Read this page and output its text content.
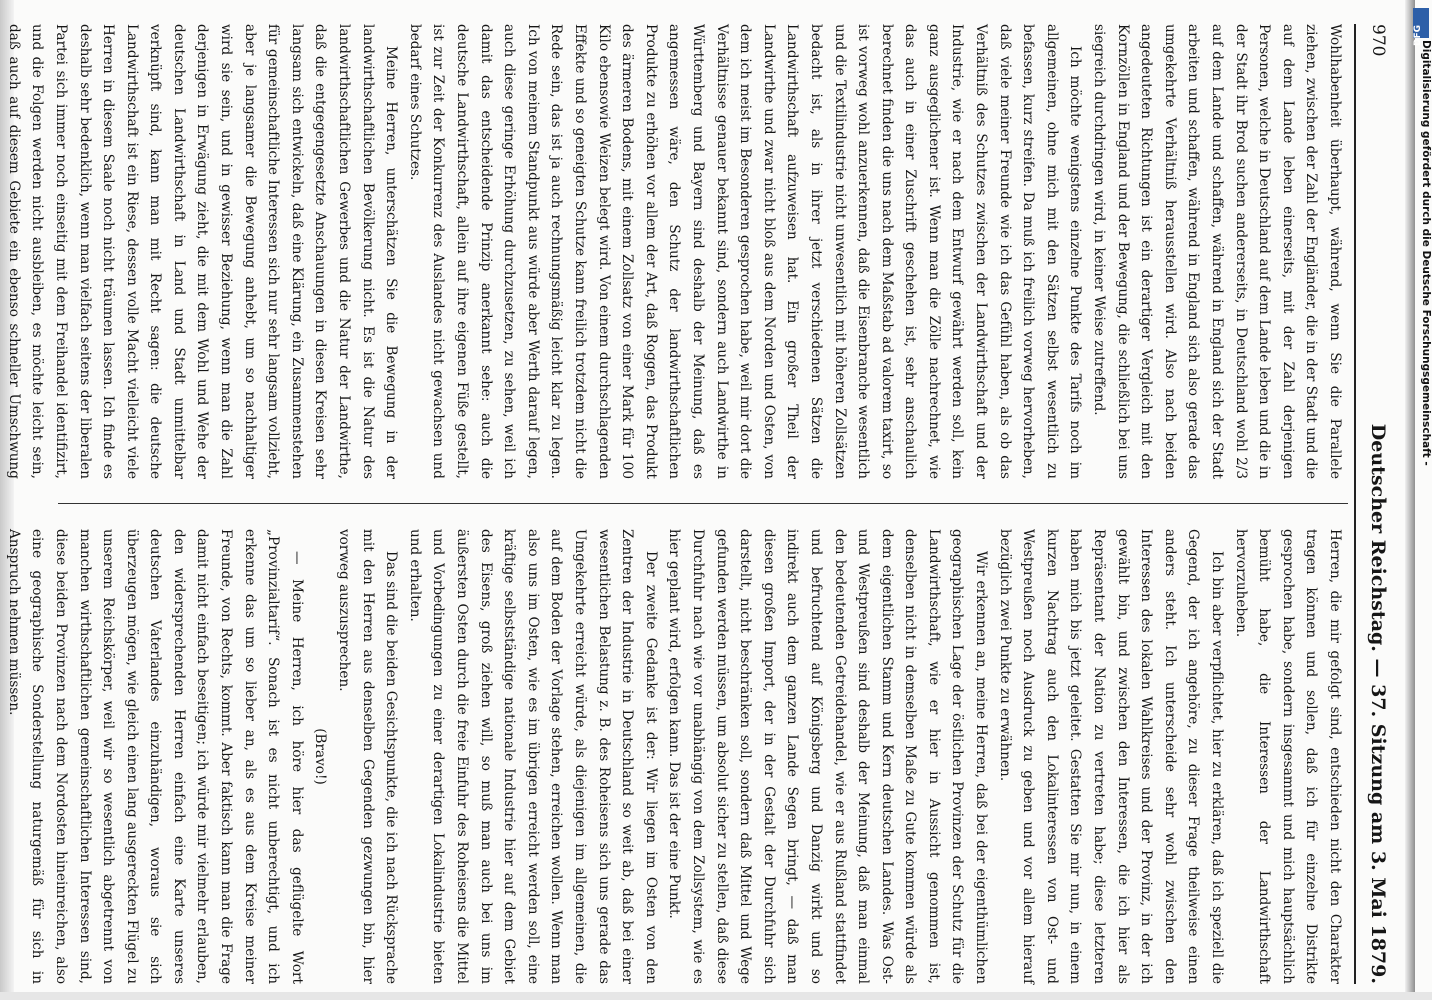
970
Deutscher Reichstag. — 37. Sitzung am 3. Mai 1879.

Wohlhabenheit überhaupt, während, wenn Sie die Parallele ziehen, zwischen der Zahl der Engländer, die in der Stadt und die auf dem Lande leben einerseits, mit der Zahl derjenigen Personen, welche in Deutschland auf dem Lande leben und die in der Stadt ihr Brod suchen andererseits, in Deutschland wohl 2/3 auf dem Lande und schaffen, während in England sich der Stadt arbeiten und schaffen, während in England sich also gerade das umgekehrte Verhältniß herausstellen wird. Also nach beiden angedeuteten Richtungen ist ein derartiger Vergleich mit den Kornzöllen in England und der Bewegung, die schließlich bei uns siegreich durchdringen wird, in keiner Weise zutreffend.

Ich möchte wenigstens einzelne Punkte des Tarifs noch im allgemeinen, ohne mich mit den Sätzen selbst wesentlich zu befassen, kurz streifen. Da muß ich freilich vorweg hervorheben, daß viele meiner Freunde wie ich das Gefühl haben, als ob das Verhältniß des Schutzes zwischen der Landwirthschaft und der Industrie, wie er nach dem Entwurf gewährt werden soll, kein ganz ausgeglichener ist. Wenn man die Zölle nachrechnet, wie das auch in einer Zuschrift geschehen ist, sehr anschaulich berechnet finden die uns nach dem Maßstab ad valorem taxirt, so ist vorweg wohl anzuerkennen, daß die Eisenbranche wesentlich und die Textilindustrie nicht unwesentlich mit höheren Zollsätzen bedacht ist, als in ihrer jetzt verschiedenen Sätzen die Landwirthschaft aufzuweisen hat. Ein großer Theil der Landwirthe und zwar nicht bloß aus dem Norden und Osten, von dem ich meist im Besonderen gesprochen habe, weil mir dort die Verhältnisse genauer bekannt sind, sondern auch Landwirthe in Württemberg und Bayern sind deshalb der Meinung, daß es angemessen wäre, den Schutz der landwirthschaftlichen Produkte zu erhöhen vor allem der Art, daß Roggen, das Produkt des ärmeren Bodens, mit einem Zollsatz von einer Mark für 100 Kilo ebensowie Weizen belegt wird. Von einem durchschlagenden Effekte und so geneigten Schutze kann freilich trotzdem nicht die Rede sein, das ist ja auch rechnungsmäßig leicht klar zu legen. Ich von meinem Standpunkt aus würde aber Werth darauf legen, auch diese geringe Erhöhung durchzusetzen, zu sehen, weil ich damit das entscheidende Prinzip anerkannt sehe: auch die deutsche Landwirthschaft, allein auf ihre eigenen Füße gestellt, ist zur Zeit der Konkurrenz des Auslandes nicht gewachsen und bedarf eines Schutzes.

Meine Herren, unterschätzen Sie die Bewegung in der landwirthschaftlichen Bevölkerung nicht. Es ist die Natur des landwirthschaftlichen Gewerbes und die Natur der Landwirthe, daß die entgegengesetzte Anschauungen in diesen Kreisen sehr langsam sich entwickeln, daß eine Klärung, ein Zusammenstehen für gemeinschaftliche Interessen sich nur sehr langsam vollzieht, aber je langsamer die Bewegung anhebt, um so nachhaltiger wird sie sein, und in gewisser Beziehung, wenn man die Zahl derjenigen in Erwägung zieht, die mit dem Wohl und Wehe der deutschen Landwirthschaft in Land und Stadt unmittelbar verknüpft sind, kann man mit Recht sagen: die deutsche Landwirthschaft ist ein Riese, dessen volle Macht vielleicht viele Herren in diesem Saale noch nicht träumen lassen. Ich finde es deshalb sehr bedenklich, wenn man vielfach seitens der liberalen Partei sich immer noch einseitig mit dem Freihandel identifizirt, und die Folgen werden nicht ausbleiben, es möchte leicht sein, daß auch auf diesem Gebiete ein ebenso schneller Umschwung

Herren, die mir gefolgt sind, entschieden nicht den Charakter tragen können und sollen, daß ich für einzelne Distrikte gesprochen habe, sondern insgesammt und mich hauptsächlich bemüht habe, die Interessen der Landwirthschaft hervorzuheben.

Ich bin aber verpflichtet, hier zu erklären, daß ich speziell die Gegend, der ich angehöre, zu dieser Frage theilweise einen anders steht. Ich unterscheide sehr wohl zwischen den Interessen des lokalen Wahlkreises und der Provinz, in der ich gewählt bin, und zwischen den Interessen, die ich hier als Repräsentant der Nation zu vertreten habe; diese letzteren haben mich bis jetzt geleitet. Gestatten Sie mir nun, in einem kurzen Nachtrag auch den Lokalinteressen von Ost- und Westpreußen noch Ausdruck zu geben und vor allem hierauf bezüglich zwei Punkte zu erwähnen.

Wir erkennen an, meine Herren, daß bei der eigenthümlichen geographischen Lage der östlichen Provinzen der Schutz für die Landwirthschaft, wie er hier in Aussicht genommen ist, denselben nicht in demselben Maße zu Gute kommen würde als dem eigentlichen Stamm und Kern deutschen Landes. Was Ost- und Westpreußen sind deshalb der Meinung, daß man einmal den bedeutenden Getreidehandel, wie er aus Rußland stattfindet und befruchtend auf Königsberg und Danzig wirkt und so indirekt auch dem ganzen Lande Segen bringt, — daß man diesen großen Import, der in der Gestalt der Durchfuhr sich darstellt, nicht beschränken soll, sondern daß Mittel und Wege gefunden werden müssen, um absolut sicher zu stellen, daß diese Durchfuhr nach wie vor unabhängig von dem Zollsystem, wie es hier geplant wird, erfolgen kann. Das ist der eine Punkt.

Der zweite Gedanke ist der: Wir liegen im Osten von den Zentren der Industrie in Deutschland so weit ab, daß bei einer wesentlichen Belastung z. B. des Roheisens sich uns gerade das Umgekehrte erreicht würde, als diejenigen im allgemeinen, die auf dem Boden der Vorlage stehen, erreichen wollen. Wenn man also uns im Osten, wie es im übrigen erreicht werden soll, eine kräftige selbstständige nationale Industrie hier auf dem Gebiet des Eisens, groß ziehen will, so muß man auch bei uns im äußersten Osten durch die freie Einfuhr des Roheisens die Mittel und Vorbedingungen zu einer derartigen Lokalindustrie bieten und erhalten.

Das sind die beiden Gesichtspunkte, die ich nach Rücksprache mit den Herren aus denselben Gegenden gezwungen bin, hier vorweg auszusprechen.

(Bravo!)

— Meine Herren, ich höre hier das geflügelte Wort „Provinzialtarif“. Sonach ist es nicht unberechtigt, und ich erkenne das um so lieber an, als es aus dem Kreise meiner Freunde, von Rechts, kommt. Aber faktisch kann man die Frage damit nicht einfach beseitigen; ich würde mir vielmehr erlauben, den widersprechenden Herren einfach eine Karte unseres deutschen Vaterlandes einzuhändigen, woraus sie sich überzeugen mögen, wie gleich einen lang ausgereckten Flügel zu unserem Reichskörper, weil wir so wesentlich abgetrennt von manchen wirthschaftlichen gemeinschaftlichen Interessen sind, diese beiden Provinzen nach dem Nordosten hineinreichen, also eine geographische Sonderstellung naturgemäß für sich in Anspruch nehmen müssen.

DFG
Digitalisierung gefördert durch die Deutsche Forschungsgemeinschaft -
